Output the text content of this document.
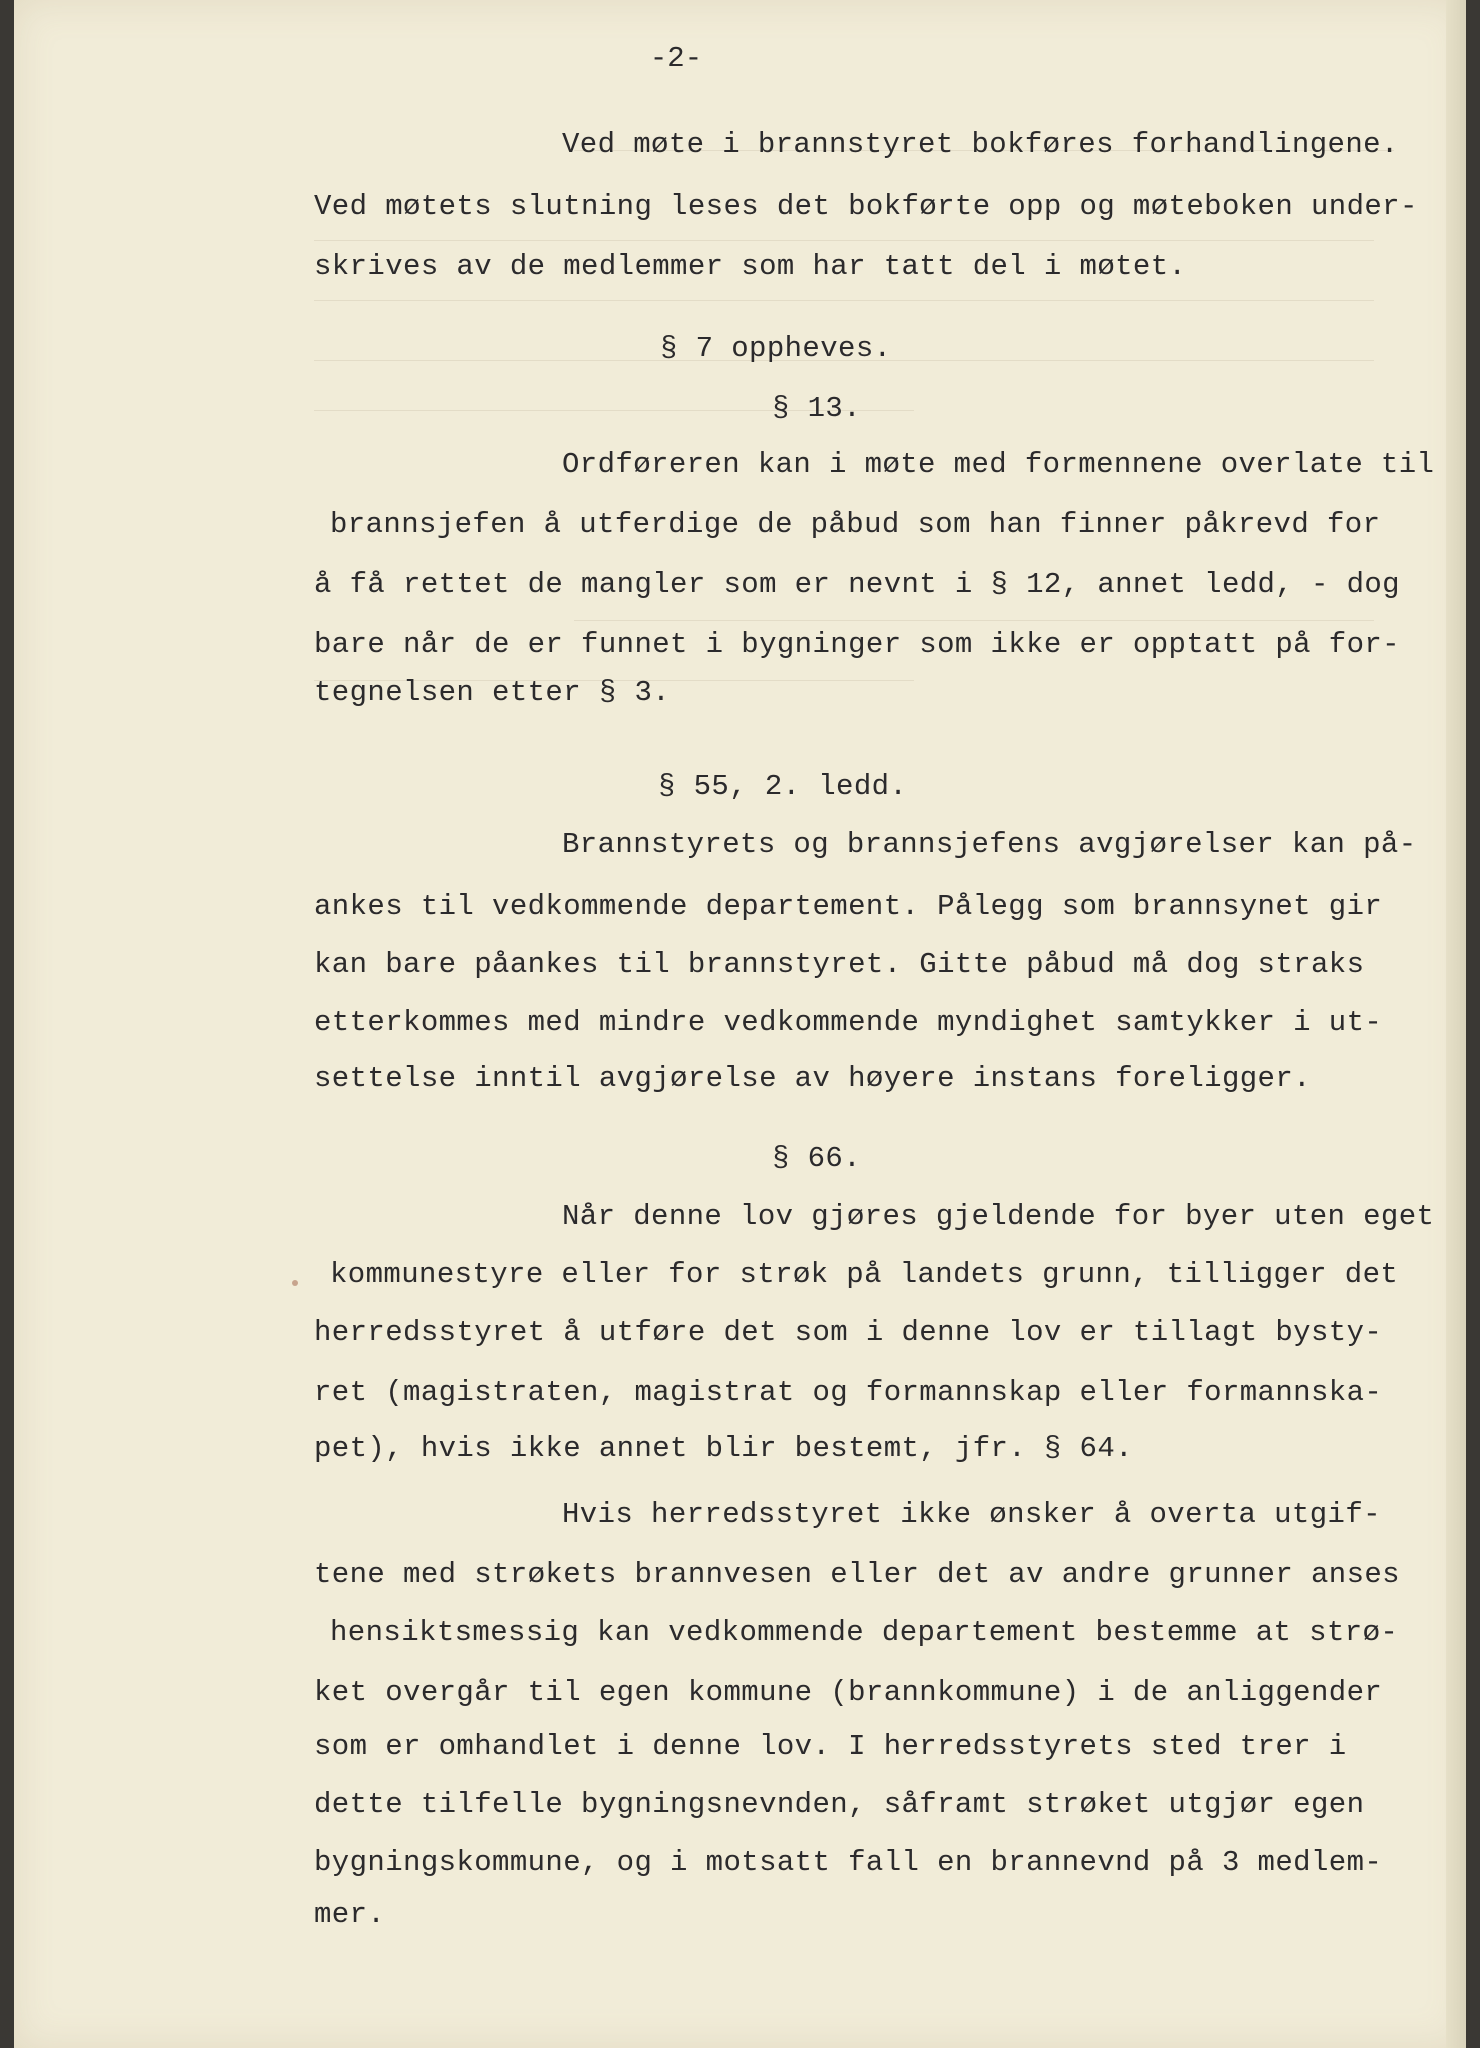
-2-
Ved møte i brannstyret bokføres forhandlingene.
Ved møtets slutning leses det bokførte opp og møteboken under-
skrives av de medlemmer som har tatt del i møtet.
§ 7 oppheves.
§ 13.
Ordføreren kan i møte med formennene overlate til
brannsjefen å utferdige de påbud som han finner påkrevd for
å få rettet de mangler som er nevnt i § 12, annet ledd, - dog
bare når de er funnet i bygninger som ikke er opptatt på for-
tegnelsen etter § 3.
§ 55, 2. ledd.
Brannstyrets og brannsjefens avgjørelser kan på-
ankes til vedkommende departement. Pålegg som brannsynet gir
kan bare påankes til brannstyret. Gitte påbud må dog straks
etterkommes med mindre vedkommende myndighet samtykker i ut-
settelse inntil avgjørelse av høyere instans foreligger.
§ 66.
Når denne lov gjøres gjeldende for byer uten eget
kommunestyre eller for strøk på landets grunn, tilligger det
herredsstyret å utføre det som i denne lov er tillagt bysty-
ret (magistraten, magistrat og formannskap eller formannska-
pet), hvis ikke annet blir bestemt, jfr. § 64.
Hvis herredsstyret ikke ønsker å overta utgif-
tene med strøkets brannvesen eller det av andre grunner anses
hensiktsmessig kan vedkommende departement bestemme at strø-
ket overgår til egen kommune (brannkommune) i de anliggender
som er omhandlet i denne lov. I herredsstyrets sted trer i
dette tilfelle bygningsnevnden, såframt strøket utgjør egen
bygningskommune, og i motsatt fall en brannevnd på 3 medlem-
mer.
